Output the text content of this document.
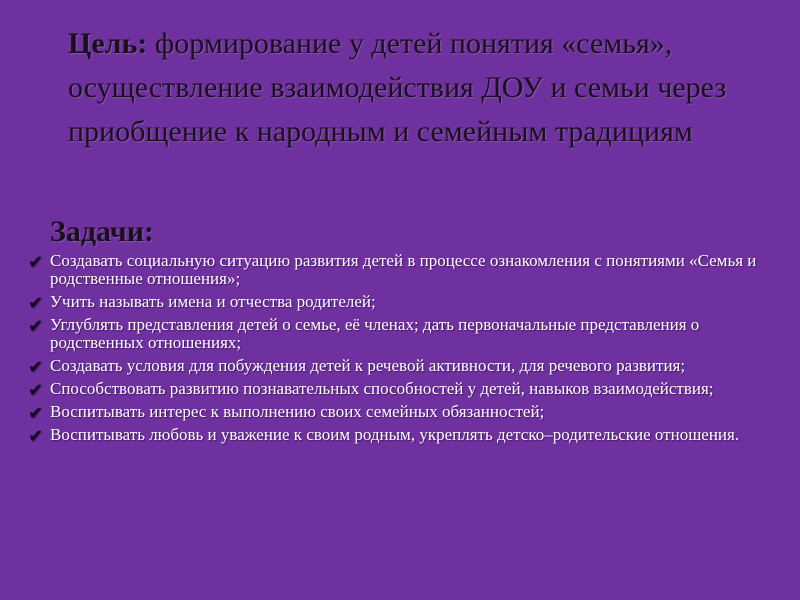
Цель: формирование у детей понятия «семья», осуществление взаимодействия ДОУ и семьи через приобщение к народным и семейным традициям

Задачи:
✔ Создавать социальную ситуацию развития детей в процессе ознакомления с понятиями «Семья и родственные отношения»;
✔ Учить называть имена и отчества родителей;
✔ Углублять представления детей о семье, её членах; дать первоначальные представления о родственных отношениях;
✔ Создавать условия для побуждения детей к речевой активности, для речевого развития;
✔ Способствовать развитию познавательных способностей у детей, навыков взаимодействия;
✔ Воспитывать интерес к выполнению своих семейных обязанностей;
✔ Воспитывать любовь и уважение к своим родным, укреплять детско–родительские отношения.
